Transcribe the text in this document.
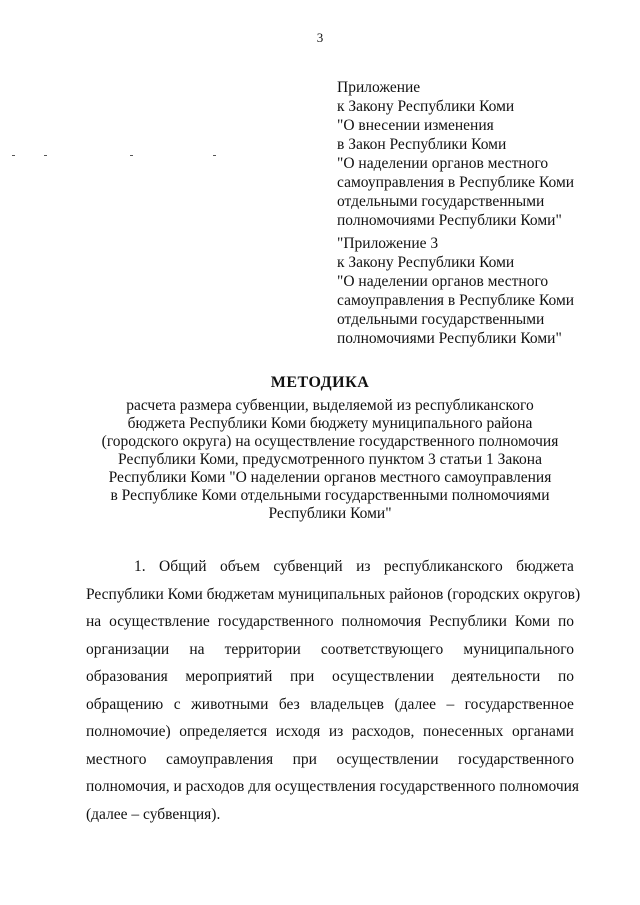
3
Приложение
к Закону Республики Коми
"О внесении изменения
в Закон Республики Коми
"О наделении органов местного
самоуправления в Республике Коми
отдельными государственными
полномочиями Республики Коми"
"Приложение 3
к Закону Республики Коми
"О наделении органов местного
самоуправления в Республике Коми
отдельными государственными
полномочиями Республики Коми"
МЕТОДИКА
расчета размера субвенции, выделяемой из республиканского
бюджета Республики Коми бюджету муниципального района
(городского округа) на осуществление государственного полномочия
Республики Коми, предусмотренного пунктом 3 статьи 1 Закона
Республики Коми "О наделении органов местного самоуправления
в Республике Коми отдельными государственными полномочиями
Республики Коми"
1. Общий объем субвенций из республиканского бюджета
Республики Коми бюджетам муниципальных районов (городских округов)
на осуществление государственного полномочия Республики Коми по
организации на территории соответствующего муниципального
образования мероприятий при осуществлении деятельности по
обращению с животными без владельцев (далее – государственное
полномочие) определяется исходя из расходов, понесенных органами
местного самоуправления при осуществлении государственного
полномочия, и расходов для осуществления государственного полномочия
(далее – субвенция).
